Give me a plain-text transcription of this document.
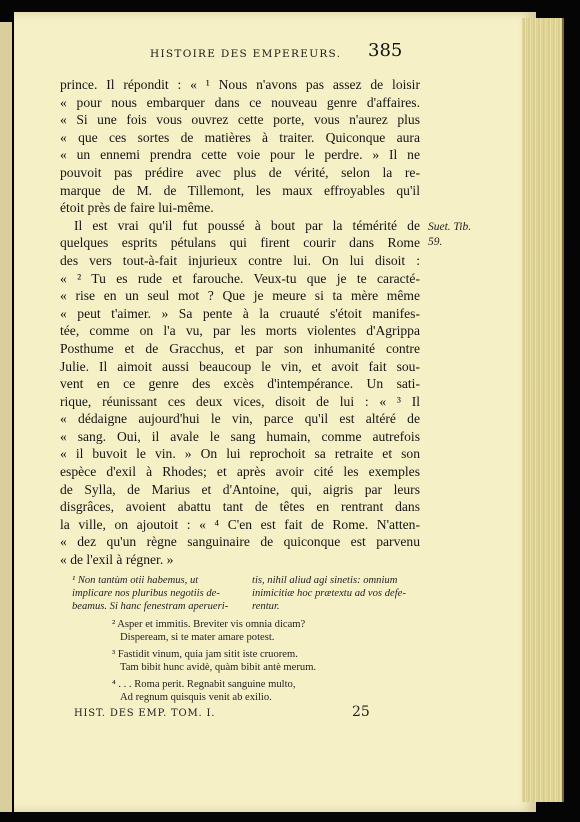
HISTOIRE DES EMPEREURS. 385
prince. Il répondit : « ¹ Nous n'avons pas assez de loisir
« pour nous embarquer dans ce nouveau genre d'affaires.
« Si une fois vous ouvrez cette porte, vous n'aurez plus
« que ces sortes de matières à traiter. Quiconque aura
« un ennemi prendra cette voie pour le perdre. » Il ne
pouvoit pas prédire avec plus de vérité, selon la re-
marque de M. de Tillemont, les maux effroyables qu'il
étoit près de faire lui-même.
Il est vrai qu'il fut poussé à bout par la témérité de
quelques esprits pétulans qui firent courir dans Rome
des vers tout-à-fait injurieux contre lui. On lui disoit :
« ² Tu es rude et farouche. Veux-tu que je te caracté-
« rise en un seul mot ? Que je meure si ta mère même
« peut t'aimer. » Sa pente à la cruauté s'étoit manifes-
tée, comme on l'a vu, par les morts violentes d'Agrippa
Posthume et de Gracchus, et par son inhumanité contre
Julie. Il aimoit aussi beaucoup le vin, et avoit fait sou-
vent en ce genre des excès d'intempérance. Un sati-
rique, réunissant ces deux vices, disoit de lui : « ³ Il
« dédaigne aujourd'hui le vin, parce qu'il est altéré de
« sang. Oui, il avale le sang humain, comme autrefois
« il buvoit le vin. » On lui reprochoit sa retraite et son
espèce d'exil à Rhodes; et après avoir cité les exemples
de Sylla, de Marius et d'Antoine, qui, aigris par leurs
disgrâces, avoient abattu tant de têtes en rentrant dans
la ville, on ajoutoit : « ⁴ C'en est fait de Rome. N'atten-
« dez qu'un règne sanguinaire de quiconque est parvenu
« de l'exil à régner. »
Suet. Tib.
59.
¹ Non tantùm otii habemus, ut
implicare nos pluribus negotiis de-
beamus. Si hanc fenestram aperueri-
tis, nihil aliud agi sinetis: omnium
inimicitiæ hoc prætextu ad vos defe-
rentur.
² Asper et immitis. Breviter vis omnia dicam?
Dispeream, si te mater amare potest.
³ Fastidit vinum, quia jam sitit iste cruorem.
Tam bibit hunc avidè, quàm bibit antè merum.
⁴ . . . Roma perit. Regnabit sanguine multo,
Ad regnum quisquis venit ab exilio.
HIST. DES EMP. TOM. I.	25
